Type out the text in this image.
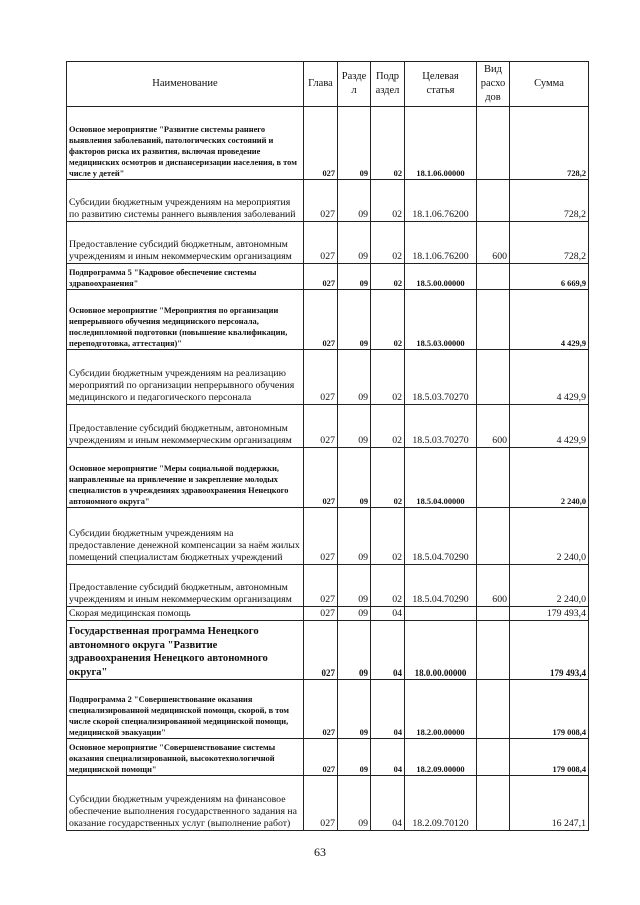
Наименование	Глава	Разде л	Подр аздел	Целевая статья	Вид расхо дов	Сумма
Основное мероприятие "Развитие системы раннего выявления заболеваний, патологических состояний и факторов риска их развития, включая проведение медицинских осмотров и диспансеризации населения, в том числе у детей"	027	09	02	18.1.06.00000		728,2
Субсидии бюджетным учреждениям на мероприятия по развитию системы раннего выявления заболеваний	027	09	02	18.1.06.76200		728,2
Предоставление субсидий бюджетным, автономным учреждениям и иным некоммерческим организациям	027	09	02	18.1.06.76200	600	728,2
Подпрограмма 5 "Кадровое обеспечение системы здравоохранения"	027	09	02	18.5.00.00000		6 669,9
Основное мероприятие "Мероприятия по организации непрерывного обучения медицинского персонала, последипломной подготовки (повышение квалификации, переподготовка, аттестация)"	027	09	02	18.5.03.00000		4 429,9
Субсидии бюджетным учреждениям на реализацию мероприятий по организации непрерывного обучения медицинского и педагогического персонала	027	09	02	18.5.03.70270		4 429,9
Предоставление субсидий бюджетным, автономным учреждениям и иным некоммерческим организациям	027	09	02	18.5.03.70270	600	4 429,9
Основное мероприятие "Меры социальной поддержки, направленные на привлечение и закрепление молодых специалистов в учреждениях здравоохранения Ненецкого автономного округа"	027	09	02	18.5.04.00000		2 240,0
Субсидии бюджетным учреждениям на предоставление денежной компенсации за наём жилых помещений специалистам бюджетных учреждений	027	09	02	18.5.04.70290		2 240,0
Предоставление субсидий бюджетным, автономным учреждениям и иным некоммерческим организациям	027	09	02	18.5.04.70290	600	2 240,0
Скорая медицинская помощь	027	09	04			179 493,4
Государственная программа Ненецкого автономного округа "Развитие здравоохранения Ненецкого автономного округа"	027	09	04	18.0.00.00000		179 493,4
Подпрограмма 2 "Совершенствование оказания специализированной медицинской помощи, скорой, в том числе скорой специализированной медицинской помощи, медицинской эвакуации"	027	09	04	18.2.00.00000		179 008,4
Основное мероприятие "Совершенствование системы оказания специализированной, высокотехнологичной медицинской помощи"	027	09	04	18.2.09.00000		179 008,4
Субсидии бюджетным учреждениям на финансовое обеспечение выполнения государственного задания на оказание государственных услуг (выполнение работ)	027	09	04	18.2.09.70120		16 247,1
63
